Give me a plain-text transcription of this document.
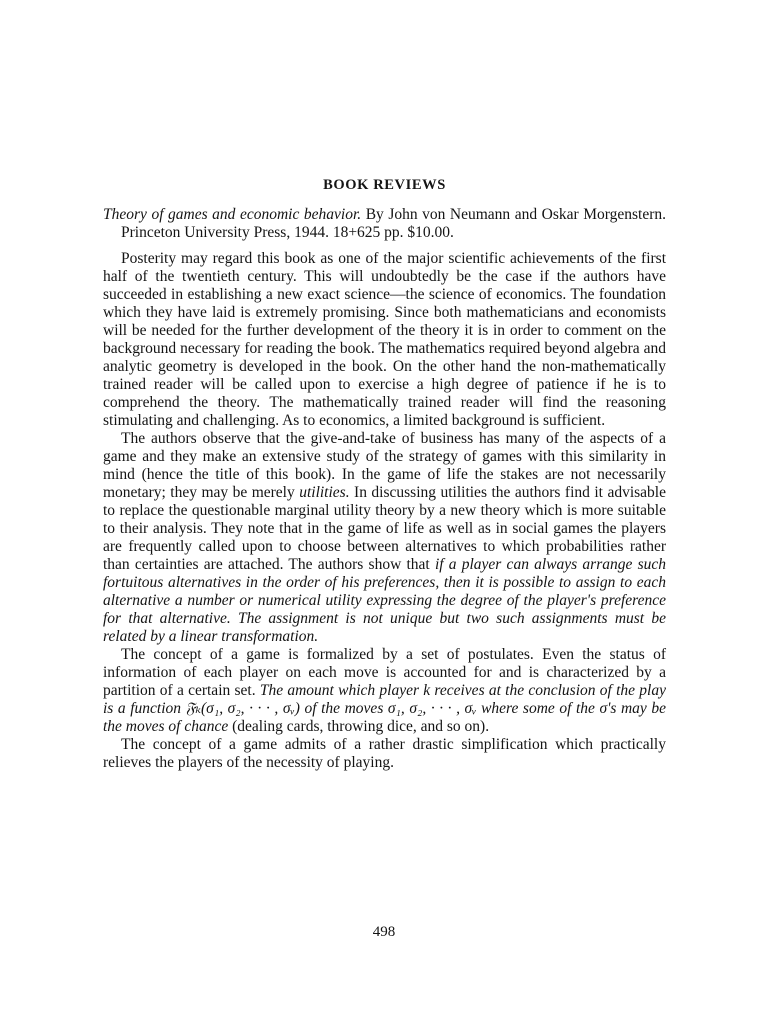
BOOK REVIEWS

Theory of games and economic behavior. By John von Neumann and Oskar Morgenstern. Princeton University Press, 1944. 18+625 pp. $10.00.

Posterity may regard this book as one of the major scientific achievements of the first half of the twentieth century. This will undoubtedly be the case if the authors have succeeded in establishing a new exact science—the science of economics. The foundation which they have laid is extremely promising. Since both mathematicians and economists will be needed for the further development of the theory it is in order to comment on the background necessary for reading the book. The mathematics required beyond algebra and analytic geometry is developed in the book. On the other hand the non-mathematically trained reader will be called upon to exercise a high degree of patience if he is to comprehend the theory. The mathematically trained reader will find the reasoning stimulating and challenging. As to economics, a limited background is sufficient.

The authors observe that the give-and-take of business has many of the aspects of a game and they make an extensive study of the strategy of games with this similarity in mind (hence the title of this book). In the game of life the stakes are not necessarily monetary; they may be merely utilities. In discussing utilities the authors find it advisable to replace the questionable marginal utility theory by a new theory which is more suitable to their analysis. They note that in the game of life as well as in social games the players are frequently called upon to choose between alternatives to which probabilities rather than certainties are attached. The authors show that if a player can always arrange such fortuitous alternatives in the order of his preferences, then it is possible to assign to each alternative a number or numerical utility expressing the degree of the player's preference for that alternative. The assignment is not unique but two such assignments must be related by a linear transformation.

The concept of a game is formalized by a set of postulates. Even the status of information of each player on each move is accounted for and is characterized by a partition of a certain set. The amount which player k receives at the conclusion of the play is a function 𝔉ₖ(σ₁, σ₂, · · · , σᵥ) of the moves σ₁, σ₂, · · · , σᵥ where some of the σ's may be the moves of chance (dealing cards, throwing dice, and so on).

The concept of a game admits of a rather drastic simplification which practically relieves the players of the necessity of playing.

498
